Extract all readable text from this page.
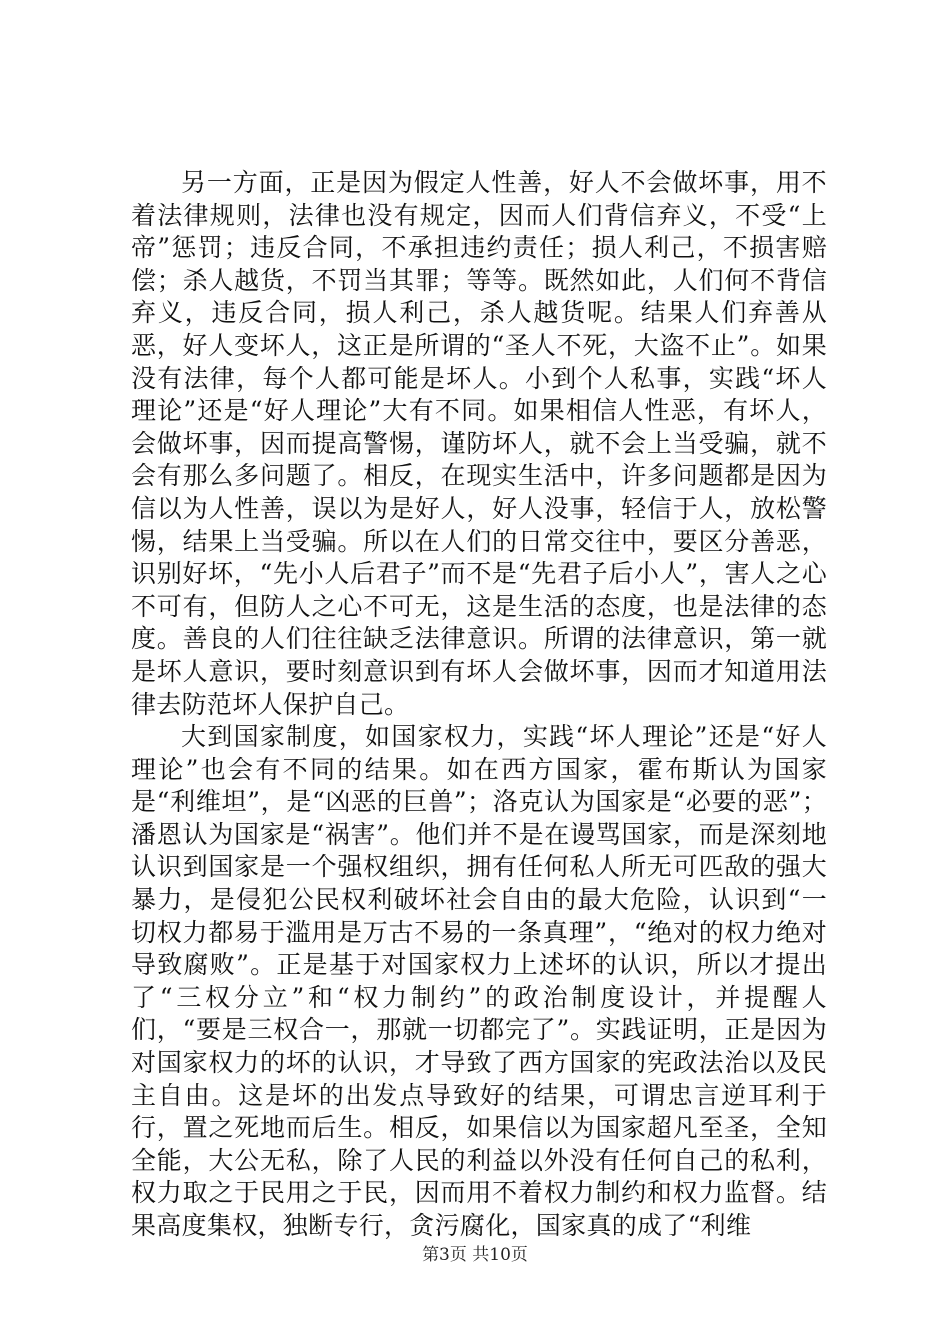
另一方面，正是因为假定人性善，好人不会做坏事，用不着法律规则，法律也没有规定，因而人们背信弃义，不受“上帝”惩罚；违反合同，不承担违约责任；损人利己，不损害赔偿；杀人越货，不罚当其罪；等等。既然如此，人们何不背信弃义，违反合同，损人利己，杀人越货呢。结果人们弃善从恶，好人变坏人，这正是所谓的“圣人不死，大盗不止”。如果没有法律，每个人都可能是坏人。小到个人私事，实践“坏人理论”还是“好人理论”大有不同。如果相信人性恶，有坏人，会做坏事，因而提高警惕，谨防坏人，就不会上当受骗，就不会有那么多问题了。相反，在现实生活中，许多问题都是因为信以为人性善，误以为是好人，好人没事，轻信于人，放松警惕，结果上当受骗。所以在人们的日常交往中，要区分善恶，识别好坏，“先小人后君子”而不是“先君子后小人”，害人之心不可有，但防人之心不可无，这是生活的态度，也是法律的态度。善良的人们往往缺乏法律意识。所谓的法律意识，第一就是坏人意识，要时刻意识到有坏人会做坏事，因而才知道用法律去防范坏人保护自己。

大到国家制度，如国家权力，实践“坏人理论”还是“好人理论”也会有不同的结果。如在西方国家，霍布斯认为国家是“利维坦”，是“凶恶的巨兽”；洛克认为国家是“必要的恶”；潘恩认为国家是“祸害”。他们并不是在谩骂国家，而是深刻地认识到国家是一个强权组织，拥有任何私人所无可匹敌的强大暴力，是侵犯公民权利破坏社会自由的最大危险，认识到“一切权力都易于滥用是万古不易的一条真理”，“绝对的权力绝对导致腐败”。正是基于对国家权力上述坏的认识，所以才提出了“三权分立”和“权力制约”的政治制度设计，并提醒人们，“要是三权合一，那就一切都完了”。实践证明，正是因为对国家权力的坏的认识，才导致了西方国家的宪政法治以及民主自由。这是坏的出发点导致好的结果，可谓忠言逆耳利于行，置之死地而后生。相反，如果信以为国家超凡至圣，全知全能，大公无私，除了人民的利益以外没有任何自己的私利，权力取之于民用之于民，因而用不着权力制约和权力监督。结果高度集权，独断专行，贪污腐化，国家真的成了“利维

第3页 共10页
